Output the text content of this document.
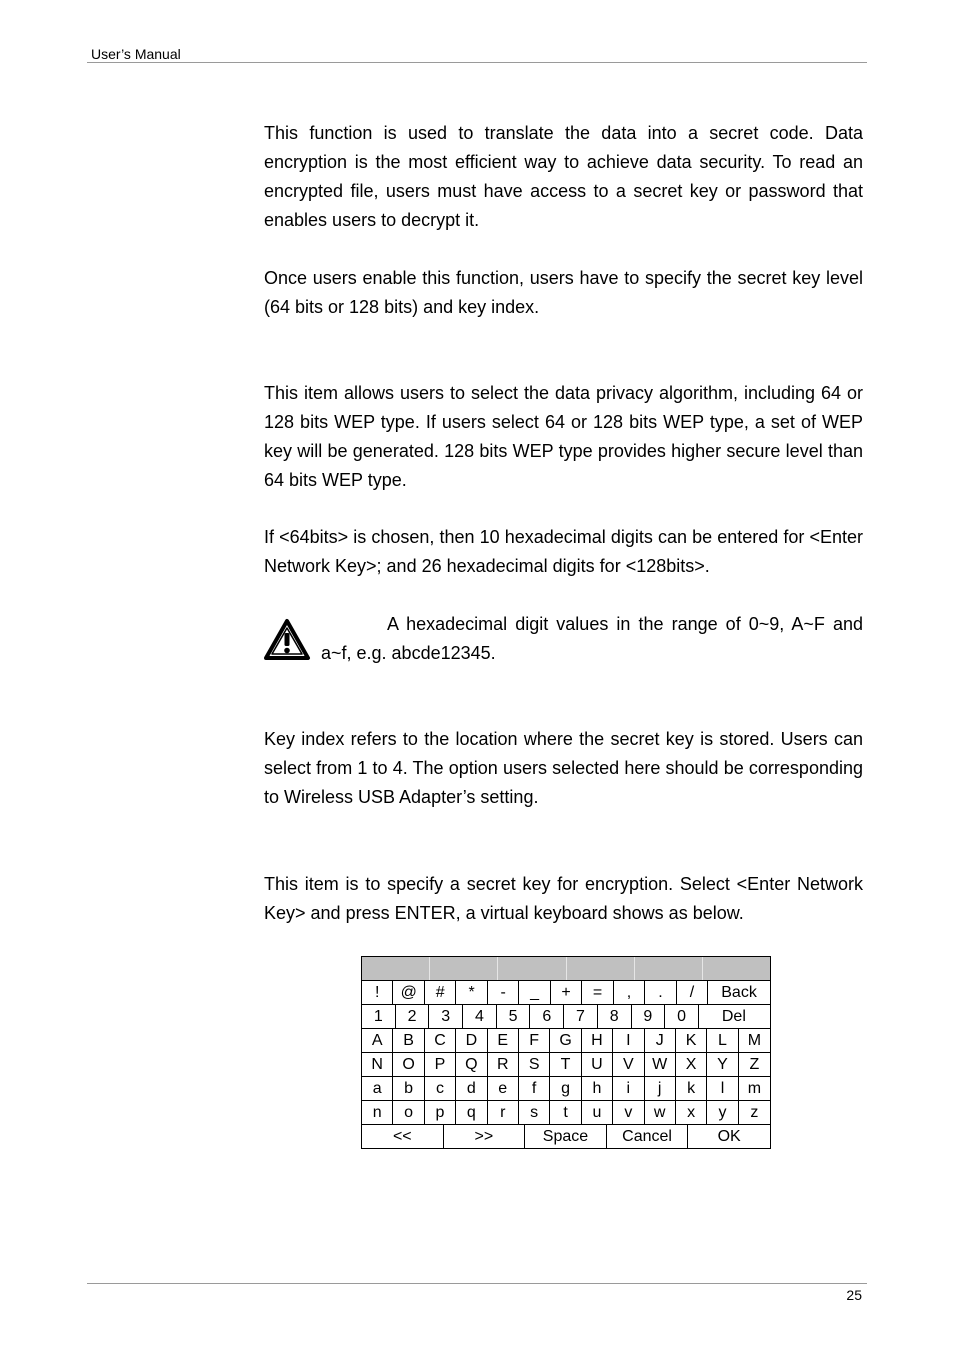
User’s Manual

This function is used to translate the data into a secret code. Data encryption is the most efficient way to achieve data security. To read an encrypted file, users must have access to a secret key or password that enables users to decrypt it.

Once users enable this function, users have to specify the secret key level (64 bits or 128 bits) and key index.

This item allows users to select the data privacy algorithm, including 64 or 128 bits WEP type. If users select 64 or 128 bits WEP type, a set of WEP key will be generated. 128 bits WEP type provides higher secure level than 64 bits WEP type.

If <64bits> is chosen, then 10 hexadecimal digits can be entered for <Enter Network Key>; and 26 hexadecimal digits for <128bits>.

A hexadecimal digit values in the range of 0~9, A~F and a~f, e.g. abcde12345.

Key index refers to the location where the secret key is stored. Users can select from 1 to 4. The option users selected here should be corresponding to Wireless USB Adapter’s setting.

This item is to specify a secret key for encryption. Select <Enter Network Key> and press ENTER, a virtual keyboard shows as below.

!	@	#	*	-	_	+	=	,	.	/	Back
1	2	3	4	5	6	7	8	9	0	Del
A	B	C	D	E	F	G	H	I	J	K	L	M
N	O	P	Q	R	S	T	U	V	W	X	Y	Z
a	b	c	d	e	f	g	h	i	j	k	l	m
n	o	p	q	r	s	t	u	v	w	x	y	z
<<	>>	Space	Cancel	OK
25
